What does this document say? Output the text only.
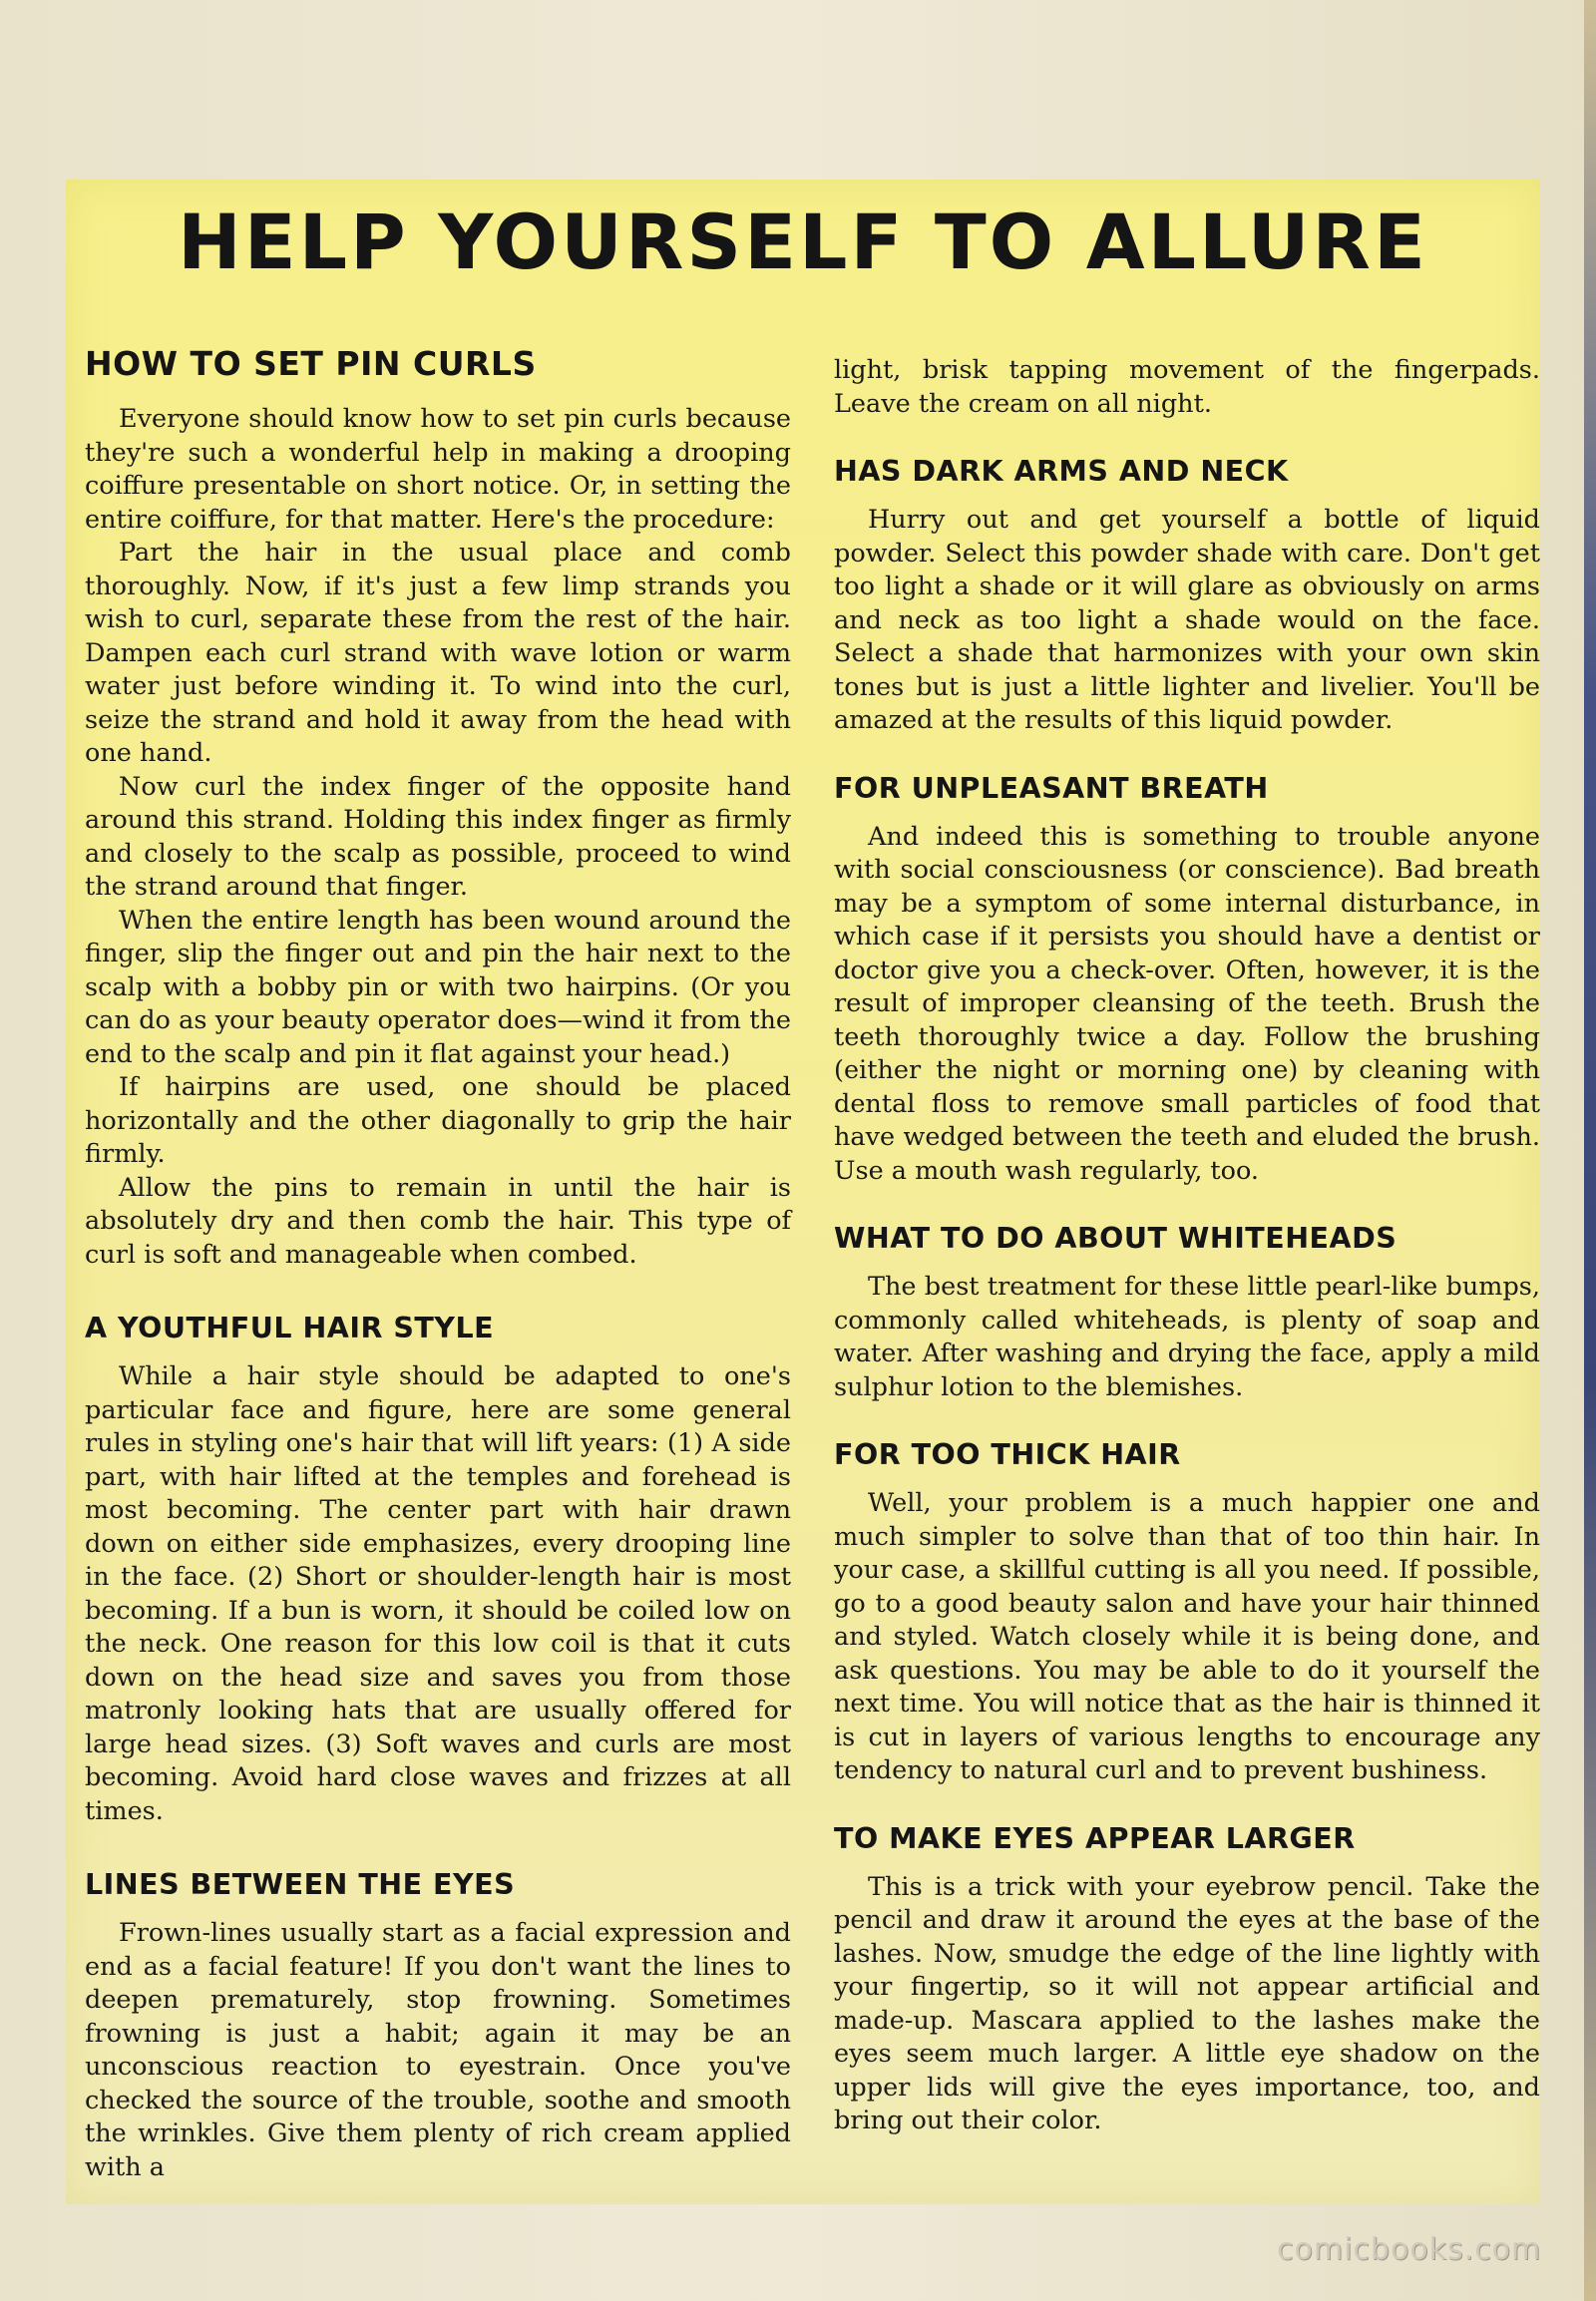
HELP YOURSELF TO ALLURE
HOW TO SET PIN CURLS

Everyone should know how to set pin curls because they're such a wonderful help in making a drooping coiffure presentable on short notice. Or, in setting the entire coiffure, for that matter. Here's the procedure:

Part the hair in the usual place and comb thoroughly. Now, if it's just a few limp strands you wish to curl, separate these from the rest of the hair. Dampen each curl strand with wave lotion or warm water just before winding it. To wind into the curl, seize the strand and hold it away from the head with one hand.

Now curl the index finger of the opposite hand around this strand. Holding this index finger as firmly and closely to the scalp as possible, proceed to wind the strand around that finger.

When the entire length has been wound around the finger, slip the finger out and pin the hair next to the scalp with a bobby pin or with two hairpins. (Or you can do as your beauty operator does—wind it from the end to the scalp and pin it flat against your head.)

If hairpins are used, one should be placed horizontally and the other diagonally to grip the hair firmly.

Allow the pins to remain in until the hair is absolutely dry and then comb the hair. This type of curl is soft and manageable when combed.

A YOUTHFUL HAIR STYLE

While a hair style should be adapted to one's particular face and figure, here are some general rules in styling one's hair that will lift years: (1) A side part, with hair lifted at the temples and forehead is most becoming. The center part with hair drawn down on either side emphasizes, every drooping line in the face. (2) Short or shoulder-length hair is most becoming. If a bun is worn, it should be coiled low on the neck. One reason for this low coil is that it cuts down on the head size and saves you from those matronly looking hats that are usually offered for large head sizes. (3) Soft waves and curls are most becoming. Avoid hard close waves and frizzes at all times.

LINES BETWEEN THE EYES

Frown-lines usually start as a facial expression and end as a facial feature! If you don't want the lines to deepen prematurely, stop frowning. Sometimes frowning is just a habit; again it may be an unconscious reaction to eyestrain. Once you've checked the source of the trouble, soothe and smooth the wrinkles. Give them plenty of rich cream applied with a

light, brisk tapping movement of the fingerpads. Leave the cream on all night.

HAS DARK ARMS AND NECK

Hurry out and get yourself a bottle of liquid powder. Select this powder shade with care. Don't get too light a shade or it will glare as obviously on arms and neck as too light a shade would on the face. Select a shade that harmonizes with your own skin tones but is just a little lighter and livelier. You'll be amazed at the results of this liquid powder.

FOR UNPLEASANT BREATH

And indeed this is something to trouble anyone with social consciousness (or conscience). Bad breath may be a symptom of some internal disturbance, in which case if it persists you should have a dentist or doctor give you a check-over. Often, however, it is the result of improper cleansing of the teeth. Brush the teeth thoroughly twice a day. Follow the brushing (either the night or morning one) by cleaning with dental floss to remove small particles of food that have wedged between the teeth and eluded the brush. Use a mouth wash regularly, too.

WHAT TO DO ABOUT WHITEHEADS

The best treatment for these little pearl-like bumps, commonly called whiteheads, is plenty of soap and water. After washing and drying the face, apply a mild sulphur lotion to the blemishes.

FOR TOO THICK HAIR

Well, your problem is a much happier one and much simpler to solve than that of too thin hair. In your case, a skillful cutting is all you need. If possible, go to a good beauty salon and have your hair thinned and styled. Watch closely while it is being done, and ask questions. You may be able to do it yourself the next time. You will notice that as the hair is thinned it is cut in layers of various lengths to encourage any tendency to natural curl and to prevent bushiness.

TO MAKE EYES APPEAR LARGER

This is a trick with your eyebrow pencil. Take the pencil and draw it around the eyes at the base of the lashes. Now, smudge the edge of the line lightly with your fingertip, so it will not appear artificial and made-up. Mascara applied to the lashes make the eyes seem much larger. A little eye shadow on the upper lids will give the eyes importance, too, and bring out their color.

comicbooks.com
